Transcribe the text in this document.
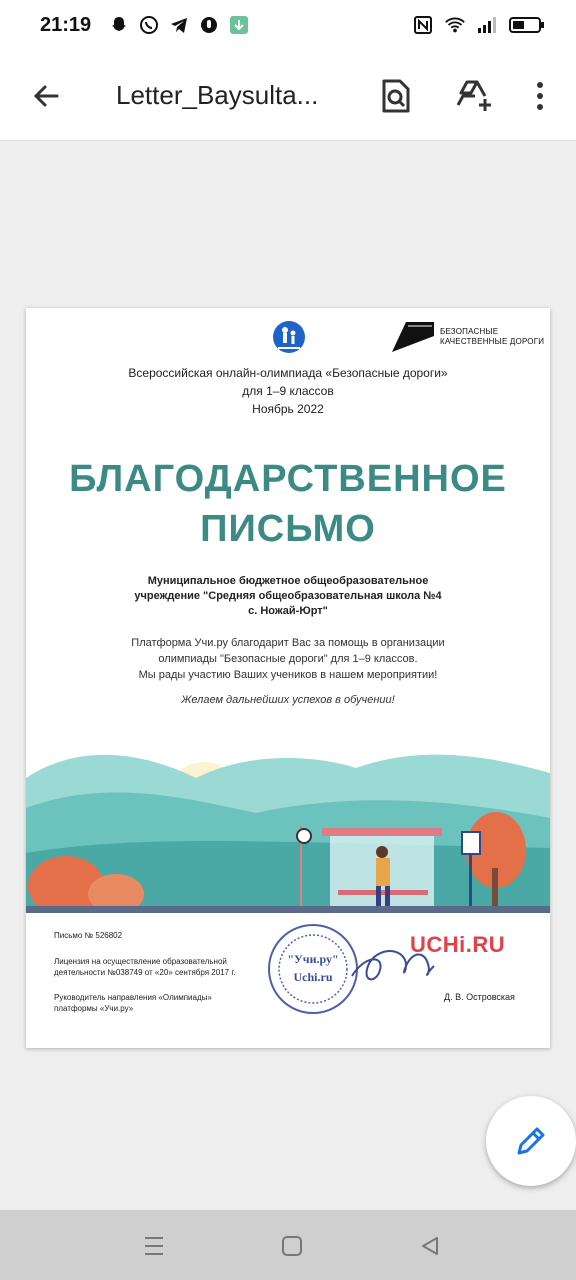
21:19
Letter_Baysulta...
БЕЗОПАСНЫЕ
КАЧЕСТВЕННЫЕ ДОРОГИ
Всероссийская онлайн-олимпиада «Безопасные дороги»
для 1–9 классов
Ноябрь 2022
БЛАГОДАРСТВЕННОЕ
ПИСЬМО
Муниципальное бюджетное общеобразовательное
учреждение "Средняя общеобразовательная школа №4
с. Ножай-Юрт"
Платформа Учи.ру благодарит Вас за помощь в организации
олимпиады "Безопасные дороги" для 1–9 классов.
Мы рады участию Ваших учеников в нашем мероприятии!
Желаем дальнейших успехов в обучении!
Письмо № 526802
Лицензия на осуществление образовательной
деятельности №038749 от «20» сентября 2017 г.
Руководитель направления «Олимпиады»
платформы «Учи.ру»
"Учи.ру"
Uchi.ru
UCHi.RU
Д. В. Островская
